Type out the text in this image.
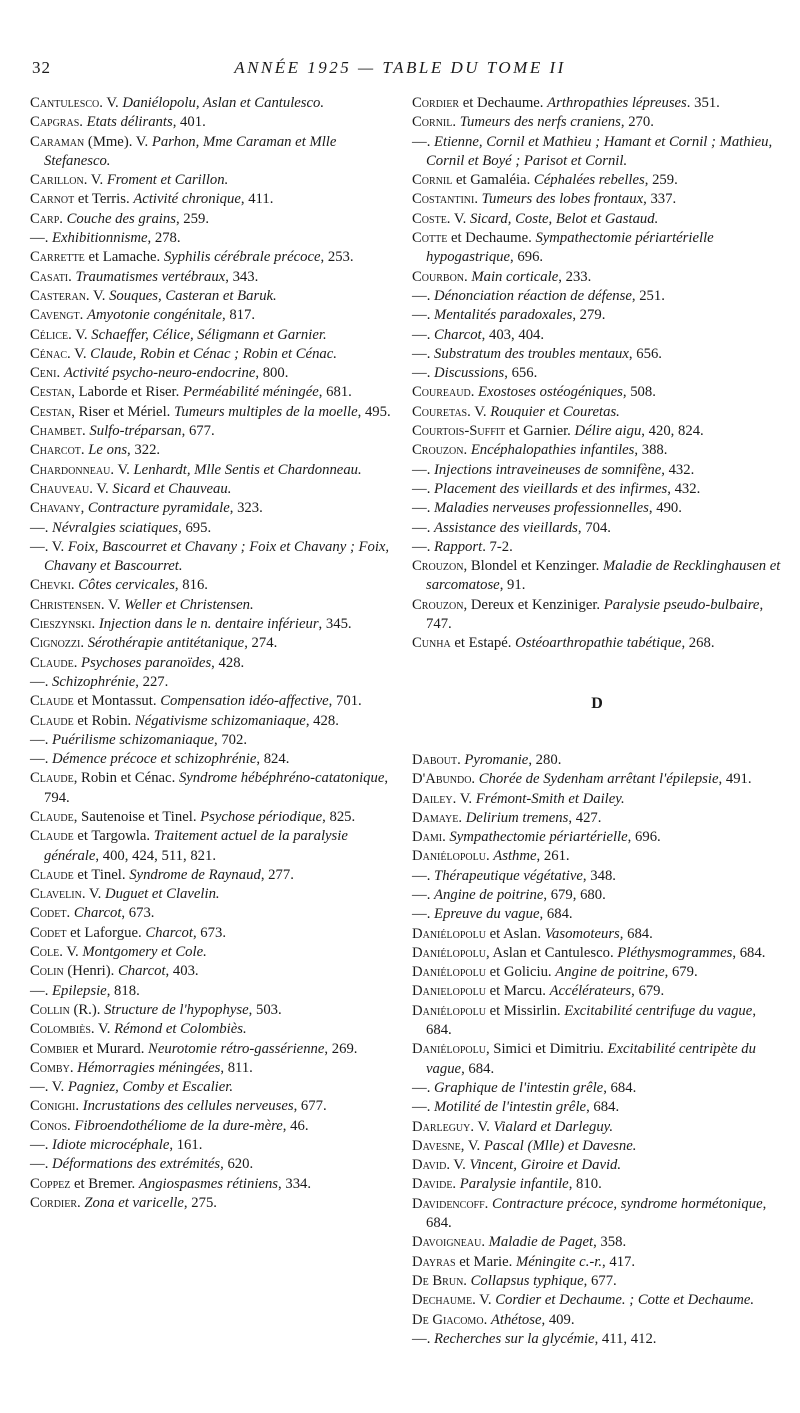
32	ANNÉE 1925 — TABLE DU TOME II

Cantulesco. V. Daniélopolu, Aslan et Cantulesco.

Capgras. Etats délirants, 401.

Caraman (Mme). V. Parhon, Mme Caraman et Mlle Stefanesco.

Carillon. V. Froment et Carillon.

Carnot et Terris. Activité chronique, 411.

Carp. Couche des grains, 259.

—. Exhibitionnisme, 278.

Carrette et Lamache. Syphilis cérébrale précoce, 253.

Casati. Traumatismes vertébraux, 343.

Casteran. V. Souques, Casteran et Baruk.

Cavengt. Amyotonie congénitale, 817.

Célice. V. Schaeffer, Célice, Séligmann et Garnier.

Cénac. V. Claude, Robin et Cénac ; Robin et Cénac.

Ceni. Activité psycho-neuro-endocrine, 800.

Cestan, Laborde et Riser. Perméabilité méningée, 681.

Cestan, Riser et Mériel. Tumeurs multiples de la moelle, 495.

Chambet. Sulfo-tréparsan, 677.

Charcot. Le ons, 322.

Chardonneau. V. Lenhardt, Mlle Sentis et Chardonneau.

Chauveau. V. Sicard et Chauveau.

Chavany, Contracture pyramidale, 323.

—. Névralgies sciatiques, 695.

—. V. Foix, Bascourret et Chavany ; Foix et Chavany ; Foix, Chavany et Bascourret.

Chevki. Côtes cervicales, 816.

Christensen. V. Weller et Christensen.

Cieszynski. Injection dans le n. dentaire inférieur, 345.

Cignozzi. Sérothérapie antitétanique, 274.

Claude. Psychoses paranoïdes, 428.

—. Schizophrénie, 227.

Claude et Montassut. Compensation idéo-affective, 701.

Claude et Robin. Négativisme schizomaniaque, 428.

—. Puérilisme schizomaniaque, 702.

—. Démence précoce et schizophrénie, 824.

Claude, Robin et Cénac. Syndrome hébéphréno-catatonique, 794.

Claude, Sautenoise et Tinel. Psychose périodique, 825.

Claude et Targowla. Traitement actuel de la paralysie générale, 400, 424, 511, 821.

Claude et Tinel. Syndrome de Raynaud, 277.

Clavelin. V. Duguet et Clavelin.

Codet. Charcot, 673.

Codet et Laforgue. Charcot, 673.

Cole. V. Montgomery et Cole.

Colin (Henri). Charcot, 403.

—. Epilepsie, 818.

Collin (R.). Structure de l'hypophyse, 503.

Colombiès. V. Rémond et Colombiès.

Combier et Murard. Neurotomie rétro-gassérienne, 269.

Comby. Hémorragies méningées, 811.

—. V. Pagniez, Comby et Escalier.

Conighi. Incrustations des cellules nerveuses, 677.

Conos. Fibroendothéliome de la dure-mère, 46.

—. Idiote microcéphale, 161.

—. Déformations des extrémités, 620.

Coppez et Bremer. Angiospasmes rétiniens, 334.

Cordier. Zona et varicelle, 275.

Cordier et Dechaume. Arthropathies lépreuses. 351.

Cornil. Tumeurs des nerfs craniens, 270.

—. Etienne, Cornil et Mathieu ; Hamant et Cornil ; Mathieu, Cornil et Boyé ; Parisot et Cornil.

Cornil et Gamaléia. Céphalées rebelles, 259.

Costantini. Tumeurs des lobes frontaux, 337.

Coste. V. Sicard, Coste, Belot et Gastaud.

Cotte et Dechaume. Sympathectomie périartérielle hypogastrique, 696.

Courbon. Main corticale, 233.

—. Dénonciation réaction de défense, 251.

—. Mentalités paradoxales, 279.

—. Charcot, 403, 404.

—. Substratum des troubles mentaux, 656.

—. Discussions, 656.

Coureaud. Exostoses ostéogéniques, 508.

Couretas. V. Rouquier et Couretas.

Courtois-Suffit et Garnier. Délire aigu, 420, 824.

Crouzon. Encéphalopathies infantiles, 388.

—. Injections intraveineuses de somnifène, 432.

—. Placement des vieillards et des infirmes, 432.

—. Maladies nerveuses professionnelles, 490.

—. Assistance des vieillards, 704.

—. Rapport. 7-2.

Crouzon, Blondel et Kenzinger. Maladie de Recklinghausen et sarcomatose, 91.

Crouzon, Dereux et Kenziniger. Paralysie pseudo-bulbaire, 747.

Cunha et Estapé. Ostéoarthropathie tabétique, 268.

D

Dabout. Pyromanie, 280.

D'Abundo. Chorée de Sydenham arrêtant l'épilepsie, 491.

Dailey. V. Frémont-Smith et Dailey.

Damaye. Delirium tremens, 427.

Dami. Sympathectomie périartérielle, 696.

Daniélopolu. Asthme, 261.

—. Thérapeutique végétative, 348.

—. Angine de poitrine, 679, 680.

—. Epreuve du vague, 684.

Daniélopolu et Aslan. Vasomoteurs, 684.

Daniélopolu, Aslan et Cantulesco. Pléthysmogrammes, 684.

Daniélopolu et Goliciu. Angine de poitrine, 679.

Danielopolu et Marcu. Accélérateurs, 679.

Daniélopolu et Missirlin. Excitabilité centrifuge du vague, 684.

Daniélopolu, Simici et Dimitriu. Excitabilité centripète du vague, 684.

—. Graphique de l'intestin grêle, 684.

—. Motilité de l'intestin grêle, 684.

Darleguy. V. Vialard et Darleguy.

Davesne, V. Pascal (Mlle) et Davesne.

David. V. Vincent, Giroire et David.

Davide. Paralysie infantile, 810.

Davidencoff. Contracture précoce, syndrome hormétonique, 684.

Davoigneau. Maladie de Paget, 358.

Dayras et Marie. Méningite c.-r., 417.

De Brun. Collapsus typhique, 677.

Dechaume. V. Cordier et Dechaume. ; Cotte et Dechaume.

De Giacomo. Athétose, 409.

—. Recherches sur la glycémie, 411, 412.
